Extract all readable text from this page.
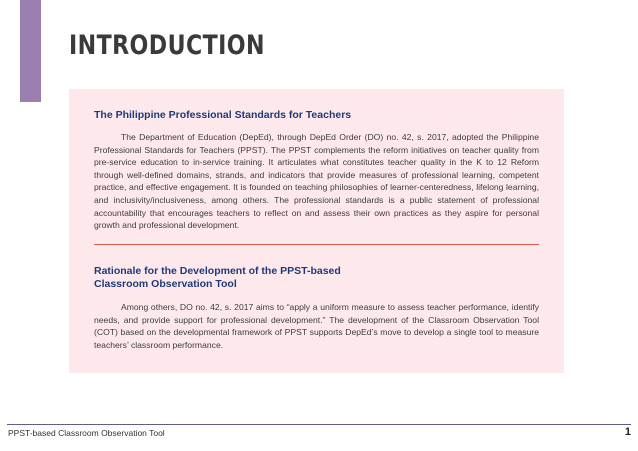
INTRODUCTION
The Philippine Professional Standards for Teachers

The Department of Education (DepEd), through DepEd Order (DO) no. 42, s. 2017, adopted the Philippine Professional Standards for Teachers (PPST). The PPST complements the reform initiatives on teacher quality from pre-service education to in-service training. It articulates what constitutes teacher quality in the K to 12 Reform through well-defined domains, strands, and indicators that provide measures of professional learning, competent practice, and effective engagement. It is founded on teaching philosophies of learner-centeredness, lifelong learning, and inclusivity/inclusiveness, among others. The professional standards is a public statement of professional accountability that encourages teachers to reflect on and assess their own practices as they aspire for personal growth and professional development.

Rationale for the Development of the PPST-based
Classroom Observation Tool

Among others, DO no. 42, s. 2017 aims to “apply a uniform measure to assess teacher performance, identify needs, and provide support for professional development.” The development of the Classroom Observation Tool (COT) based on the developmental framework of PPST supports DepEd’s move to develop a single tool to measure teachers’ classroom performance.

PPST-based Classroom Observation Tool	1
